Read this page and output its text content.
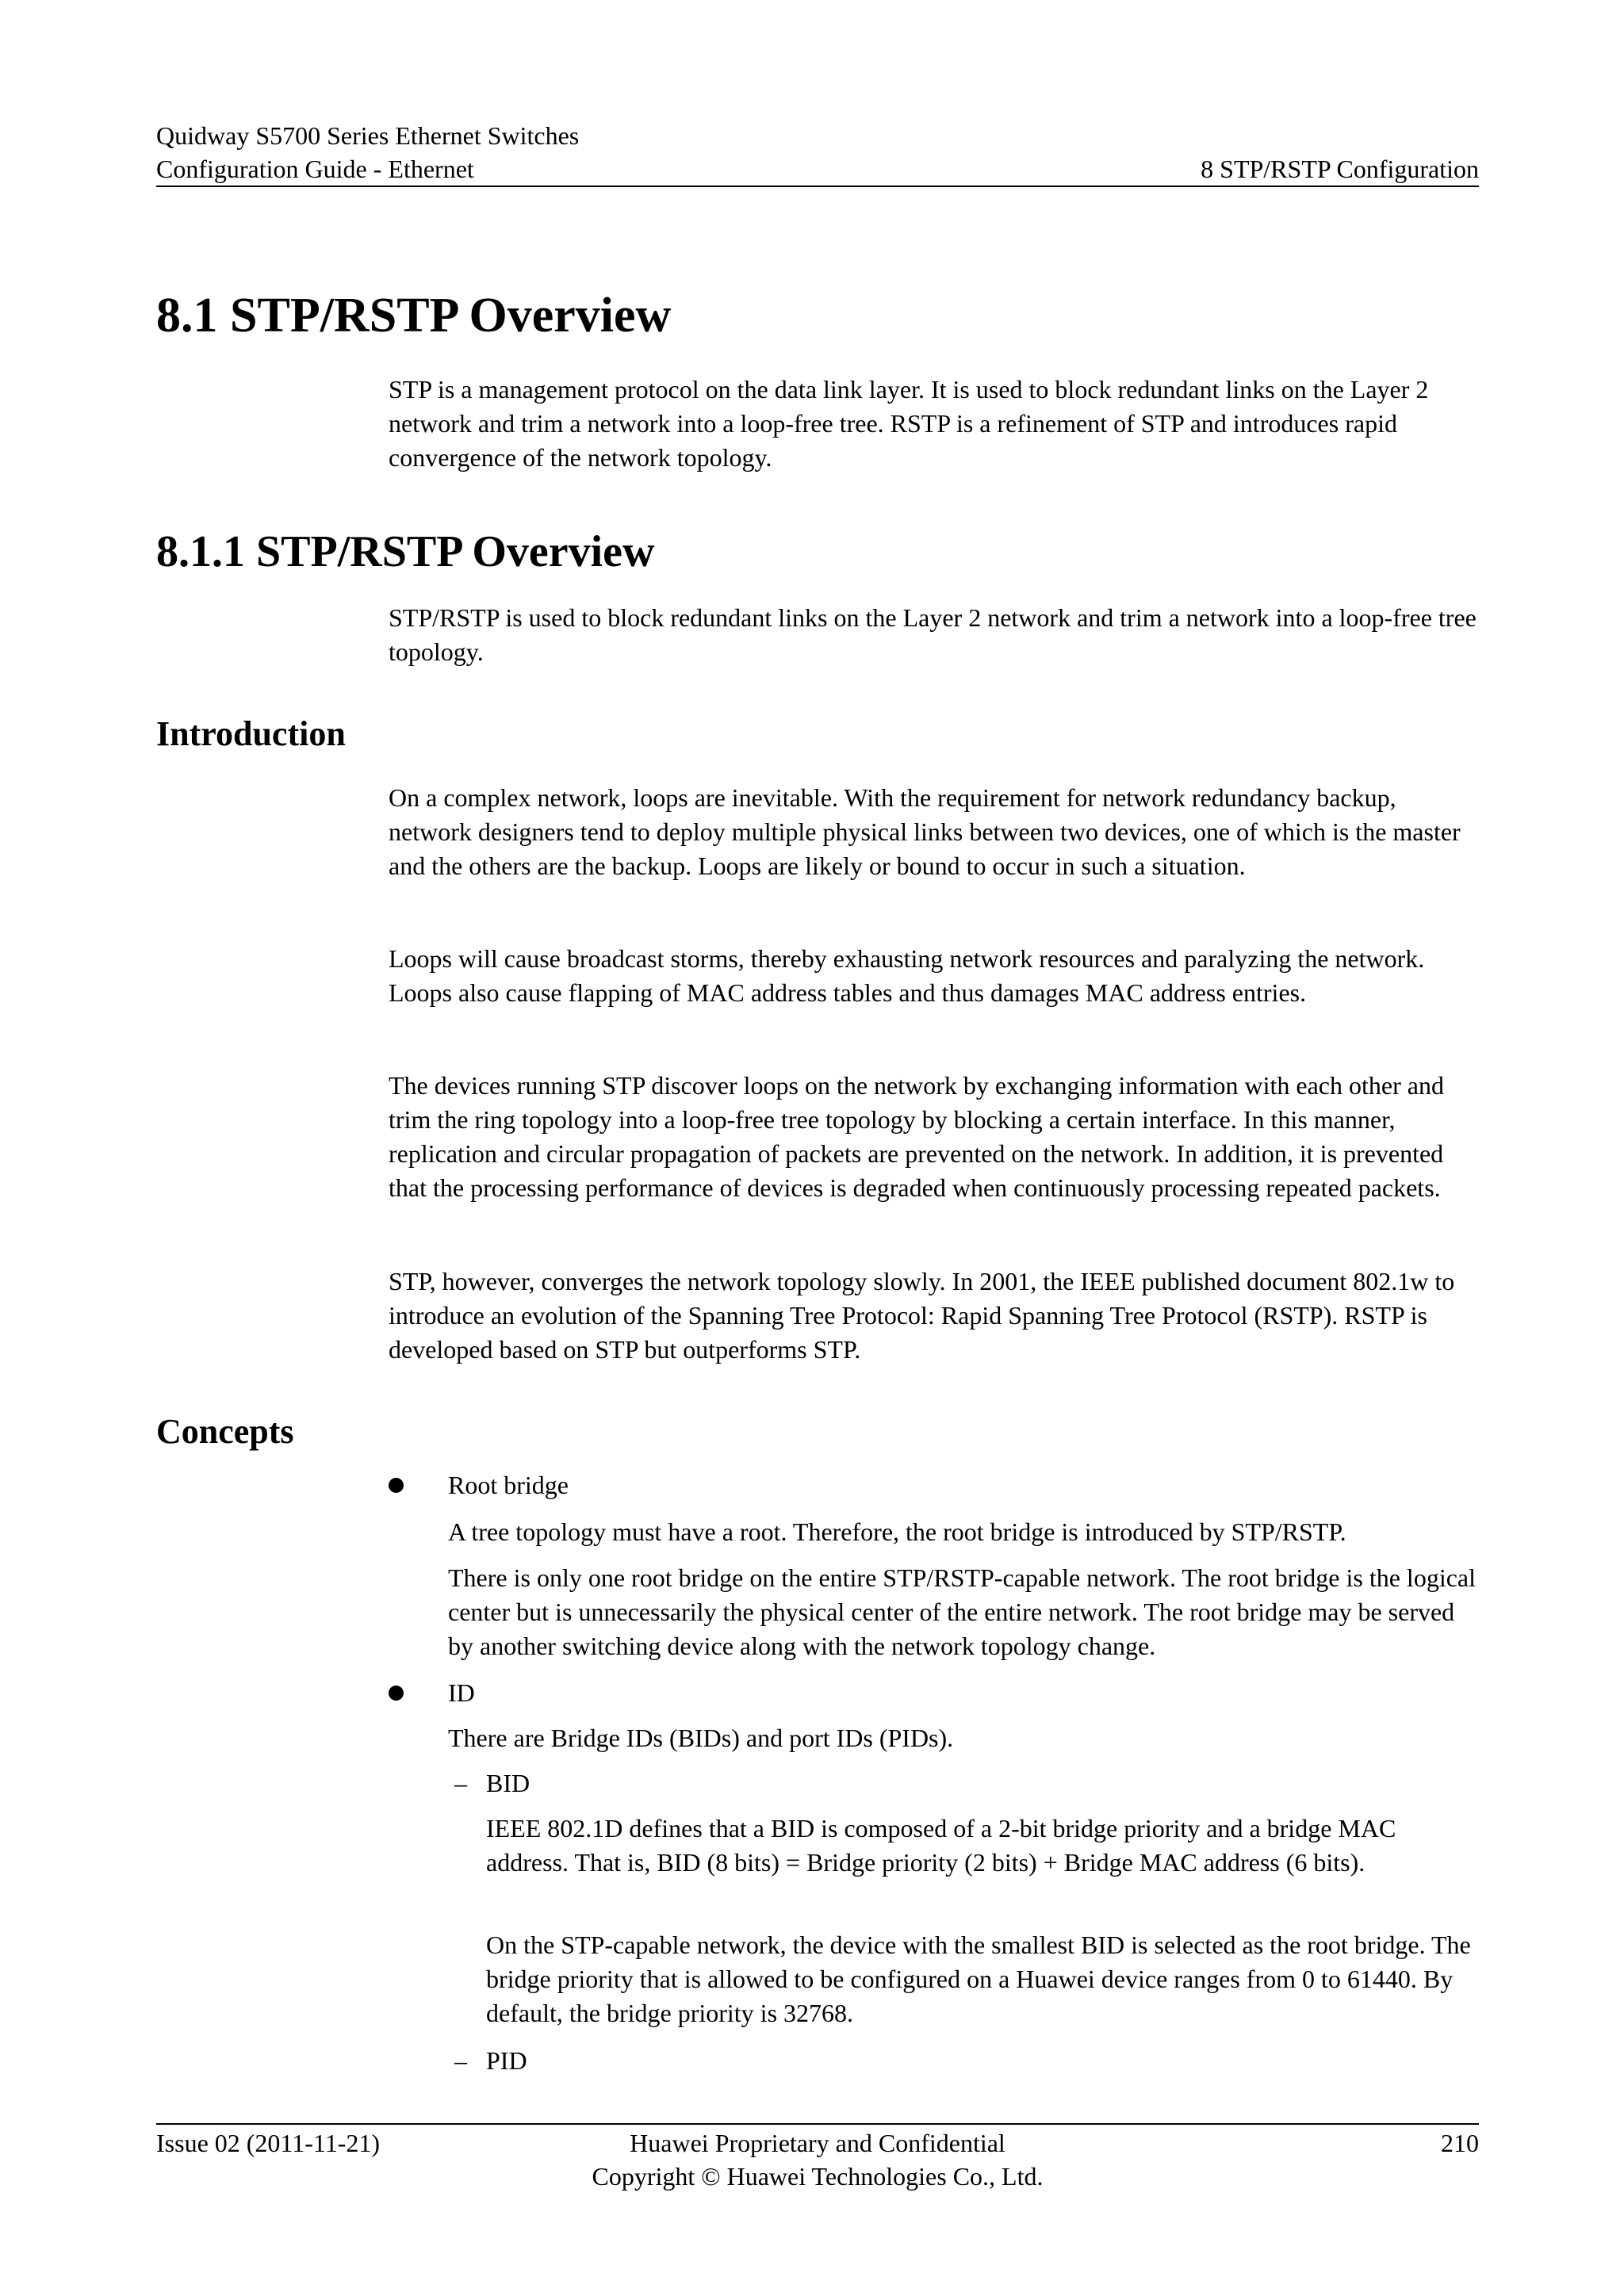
Quidway S5700 Series Ethernet Switches
Configuration Guide - Ethernet	8 STP/RSTP Configuration
8.1 STP/RSTP Overview

STP is a management protocol on the data link layer. It is used to block redundant links on the Layer 2 network and trim a network into a loop-free tree. RSTP is a refinement of STP and introduces rapid convergence of the network topology.

8.1.1 STP/RSTP Overview

STP/RSTP is used to block redundant links on the Layer 2 network and trim a network into a loop-free tree topology.

Introduction

On a complex network, loops are inevitable. With the requirement for network redundancy backup, network designers tend to deploy multiple physical links between two devices, one of which is the master and the others are the backup. Loops are likely or bound to occur in such a situation.

Loops will cause broadcast storms, thereby exhausting network resources and paralyzing the network. Loops also cause flapping of MAC address tables and thus damages MAC address entries.

The devices running STP discover loops on the network by exchanging information with each other and trim the ring topology into a loop-free tree topology by blocking a certain interface. In this manner, replication and circular propagation of packets are prevented on the network. In addition, it is prevented that the processing performance of devices is degraded when continuously processing repeated packets.

STP, however, converges the network topology slowly. In 2001, the IEEE published document 802.1w to introduce an evolution of the Spanning Tree Protocol: Rapid Spanning Tree Protocol (RSTP). RSTP is developed based on STP but outperforms STP.

Concepts
Root bridge

A tree topology must have a root. Therefore, the root bridge is introduced by STP/RSTP.

There is only one root bridge on the entire STP/RSTP-capable network. The root bridge is the logical center but is unnecessarily the physical center of the entire network. The root bridge may be served by another switching device along with the network topology change.

ID

There are Bridge IDs (BIDs) and port IDs (PIDs).

– BID

IEEE 802.1D defines that a BID is composed of a 2-bit bridge priority and a bridge MAC address. That is, BID (8 bits) = Bridge priority (2 bits) + Bridge MAC address (6 bits).

On the STP-capable network, the device with the smallest BID is selected as the root bridge. The bridge priority that is allowed to be configured on a Huawei device ranges from 0 to 61440. By default, the bridge priority is 32768.

– PID
Issue 02 (2011-11-21)	Huawei Proprietary and Confidential
Copyright © Huawei Technologies Co., Ltd.
210
